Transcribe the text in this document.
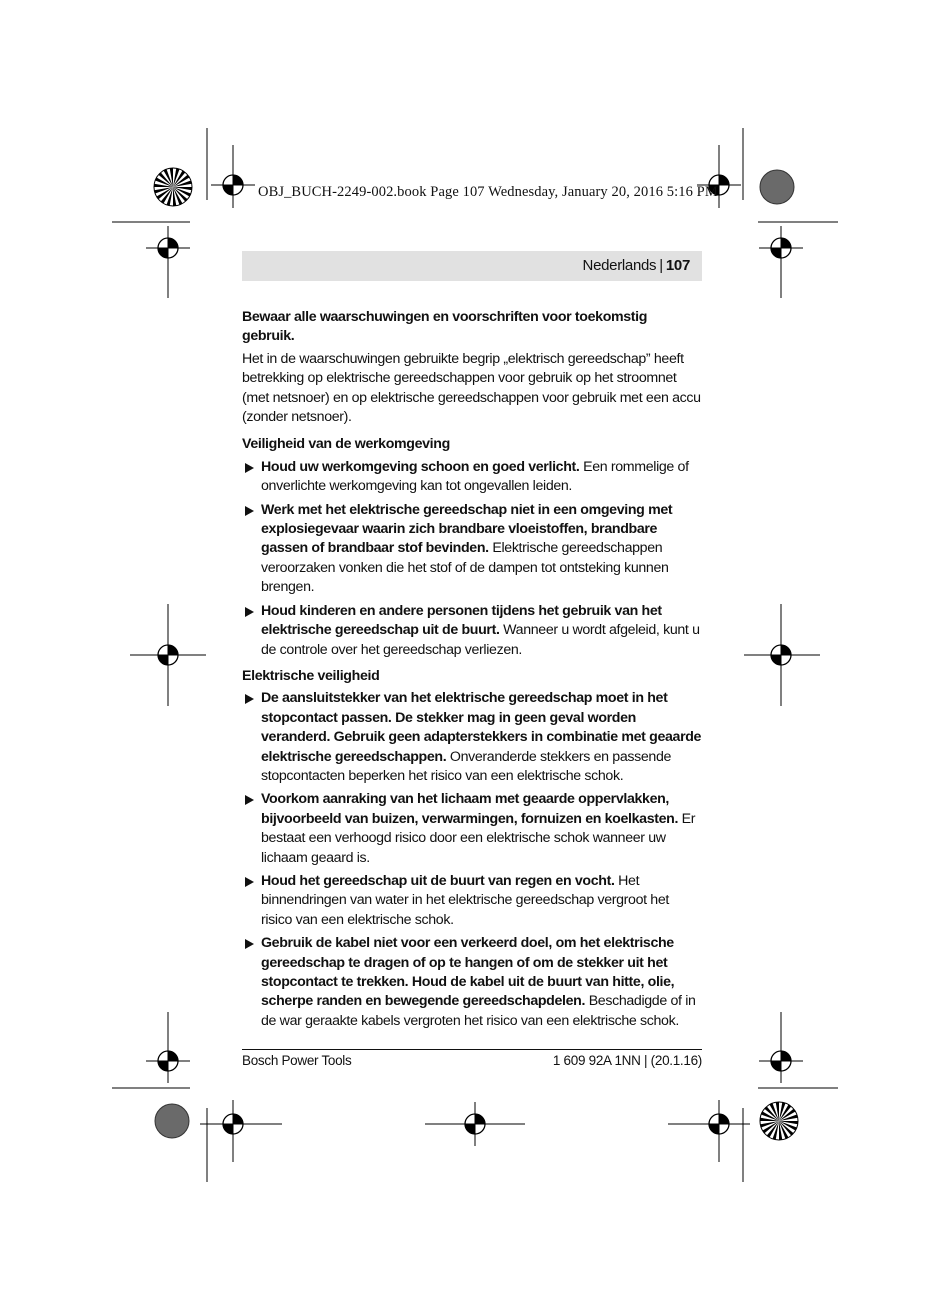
OBJ_BUCH-2249-002.book Page 107 Wednesday, January 20, 2016 5:16 PM
Nederlands | 107

Bewaar alle waarschuwingen en voorschriften voor toekomstig gebruik.

Het in de waarschuwingen gebruikte begrip „elektrisch gereedschap” heeft betrekking op elektrische gereedschappen voor gebruik op het stroomnet (met netsnoer) en op elektrische gereedschappen voor gebruik met een accu (zonder netsnoer).

Veiligheid van de werkomgeving

Houd uw werkomgeving schoon en goed verlicht. Een rommelige of onverlichte werkomgeving kan tot ongevallen leiden.
Werk met het elektrische gereedschap niet in een omgeving met explosiegevaar waarin zich brandbare vloeistoffen, brandbare gassen of brandbaar stof bevinden. Elektrische gereedschappen veroorzaken vonken die het stof of de dampen tot ontsteking kunnen brengen.
Houd kinderen en andere personen tijdens het gebruik van het elektrische gereedschap uit de buurt. Wanneer u wordt afgeleid, kunt u de controle over het gereedschap verliezen.

Elektrische veiligheid

De aansluitstekker van het elektrische gereedschap moet in het stopcontact passen. De stekker mag in geen geval worden veranderd. Gebruik geen adapterstekkers in combinatie met geaarde elektrische gereedschappen. Onveranderde stekkers en passende stopcontacten beperken het risico van een elektrische schok.
Voorkom aanraking van het lichaam met geaarde oppervlakken, bijvoorbeeld van buizen, verwarmingen, fornuizen en koelkasten. Er bestaat een verhoogd risico door een elektrische schok wanneer uw lichaam geaard is.
Houd het gereedschap uit de buurt van regen en vocht. Het binnendringen van water in het elektrische gereedschap vergroot het risico van een elektrische schok.
Gebruik de kabel niet voor een verkeerd doel, om het elektrische gereedschap te dragen of op te hangen of om de stekker uit het stopcontact te trekken. Houd de kabel uit de buurt van hitte, olie, scherpe randen en bewegende gereedschapdelen. Beschadigde of in de war geraakte kabels vergroten het risico van een elektrische schok.
Bosch Power Tools	1 609 92A 1NN | (20.1.16)
